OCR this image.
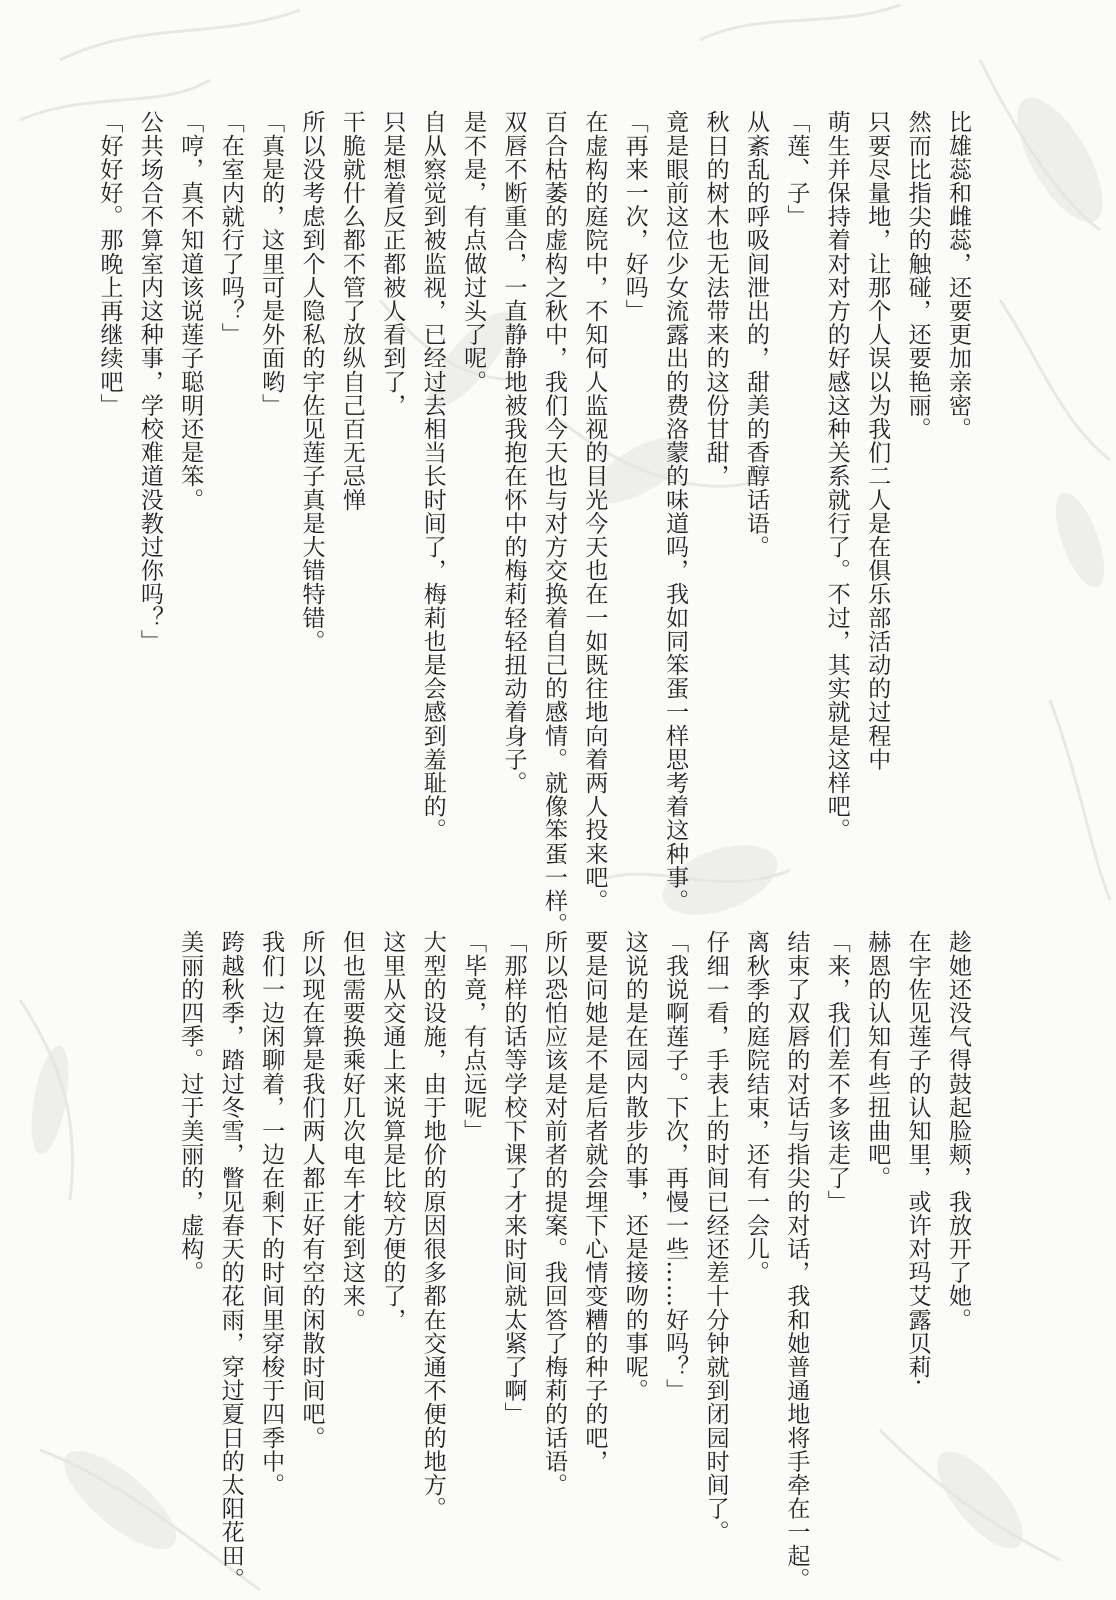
比雄蕊和雌蕊，还要更加亲密。
然而比指尖的触碰，还要艳丽。
只要尽量地，让那个人误以为我们二人是在俱乐部活动的过程中
萌生并保持着对对方的好感这种关系就行了。不过，其实就是这样吧。
「莲、子」
从紊乱的呼吸间泄出的，甜美的香醇话语。
秋日的树木也无法带来的这份甘甜，
竟是眼前这位少女流露出的费洛蒙的味道吗，我如同笨蛋一样思考着这种事。
「再来一次，好吗」
在虚构的庭院中，不知何人监视的目光今天也在一如既往地向着两人投来吧。
百合枯萎的虚构之秋中，我们今天也与对方交换着自己的感情。就像笨蛋一样。
双唇不断重合，一直静静地被我抱在怀中的梅莉轻轻扭动着身子。
是不是，有点做过头了呢。
自从察觉到被监视，已经过去相当长时间了，梅莉也是会感到羞耻的。
只是想着反正都被人看到了，
干脆就什么都不管了放纵自己百无忌惮
所以没考虑到个人隐私的宇佐见莲子真是大错特错。
「真是的，这里可是外面哟」
「在室内就行了吗？」
「哼，真不知道该说莲子聪明还是笨。
公共场合不算室内这种事，学校难道没教过你吗？」
「好好好。那晚上再继续吧」
趁她还没气得鼓起脸颊，我放开了她。
在宇佐见莲子的认知里，或许对玛艾露贝莉·
赫恩的认知有些扭曲吧。
「来，我们差不多该走了」
结束了双唇的对话与指尖的对话，我和她普通地将手牵在一起。
离秋季的庭院结束，还有一会儿。
仔细一看，手表上的时间已经还差十分钟就到闭园时间了。
「我说啊莲子。下次，再慢一些……好吗？」
这说的是在园内散步的事，还是接吻的事呢。
要是问她是不是后者就会埋下心情变糟的种子的吧，
所以恐怕应该是对前者的提案。我回答了梅莉的话语。
「那样的话等学校下课了才来时间就太紧了啊」
「毕竟，有点远呢」
大型的设施，由于地价的原因很多都在交通不便的地方。
这里从交通上来说算是比较方便的了，
但也需要换乘好几次电车才能到这来。
所以现在算是我们两人都正好有空的闲散时间吧。
我们一边闲聊着，一边在剩下的时间里穿梭于四季中。
跨越秋季，踏过冬雪，瞥见春天的花雨，穿过夏日的太阳花田。
美丽的四季。过于美丽的，虚构。
